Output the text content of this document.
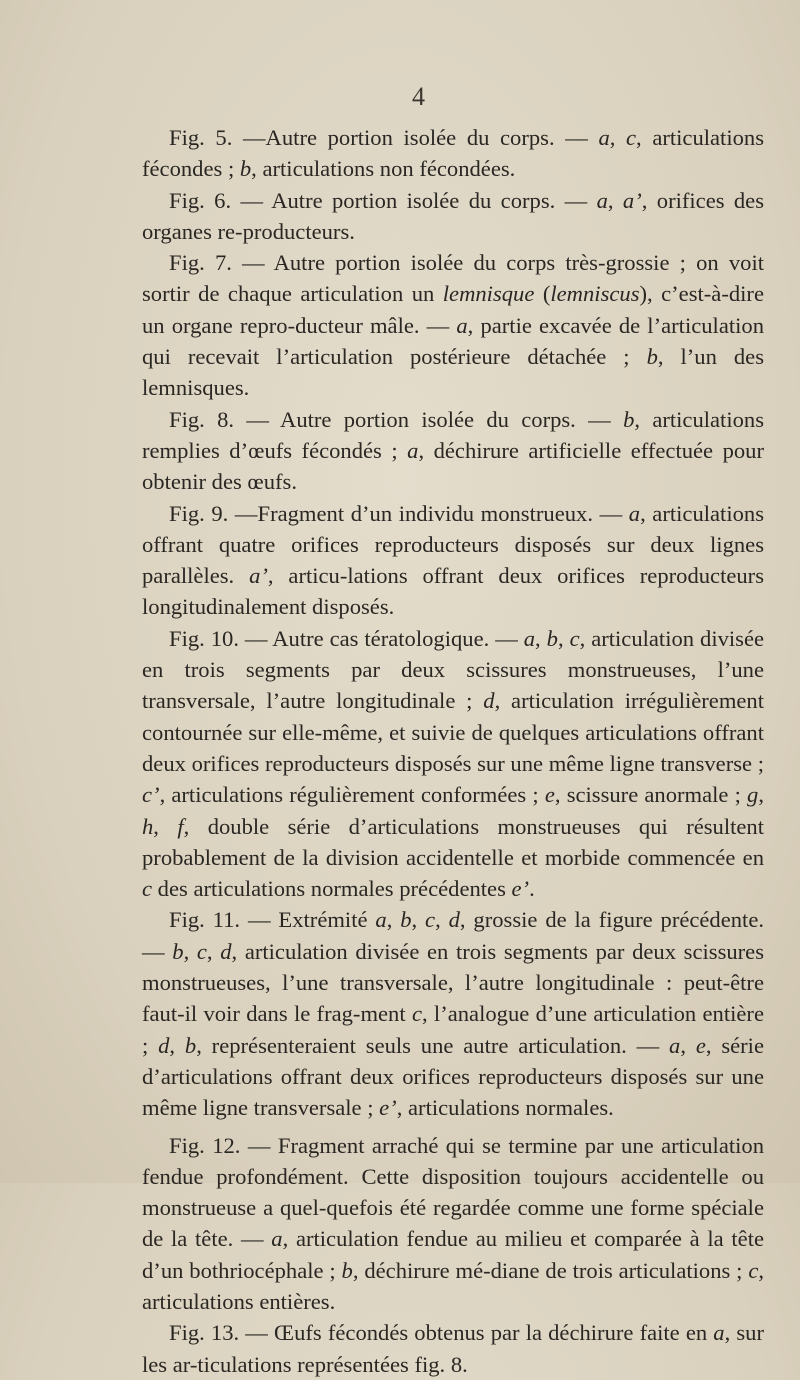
4

Fig. 5. —Autre portion isolée du corps. — a, c, articulations fécondes ; b, articulations non fécondées.

Fig. 6. — Autre portion isolée du corps. — a, a’, orifices des organes re-producteurs.

Fig. 7. — Autre portion isolée du corps très-grossie ; on voit sortir de chaque articulation un lemnisque (lemniscus), c’est-à-dire un organe repro-ducteur mâle. — a, partie excavée de l’articulation qui recevait l’articulation postérieure détachée ; b, l’un des lemnisques.

Fig. 8. — Autre portion isolée du corps. — b, articulations remplies d’œufs fécondés ; a, déchirure artificielle effectuée pour obtenir des œufs.

Fig. 9. —Fragment d’un individu monstrueux. — a, articulations offrant quatre orifices reproducteurs disposés sur deux lignes parallèles. a’, articu-lations offrant deux orifices reproducteurs longitudinalement disposés.

Fig. 10. — Autre cas tératologique. — a, b, c, articulation divisée en trois segments par deux scissures monstrueuses, l’une transversale, l’autre longitudinale ; d, articulation irrégulièrement contournée sur elle-même, et suivie de quelques articulations offrant deux orifices reproducteurs disposés sur une même ligne transverse ; c’, articulations régulièrement conformées ; e, scissure anormale ; g, h, f, double série d’articulations monstrueuses qui résultent probablement de la division accidentelle et morbide commencée en c des articulations normales précédentes e’.

Fig. 11. — Extrémité a, b, c, d, grossie de la figure précédente. — b, c, d, articulation divisée en trois segments par deux scissures monstrueuses, l’une transversale, l’autre longitudinale : peut-être faut-il voir dans le frag-ment c, l’analogue d’une articulation entière ; d, b, représenteraient seuls une autre articulation. — a, e, série d’articulations offrant deux orifices reproducteurs disposés sur une même ligne transversale ; e’, articulations normales.

Fig. 12. — Fragment arraché qui se termine par une articulation fendue profondément. Cette disposition toujours accidentelle ou monstrueuse a quel-quefois été regardée comme une forme spéciale de la tête. — a, articulation fendue au milieu et comparée à la tête d’un bothriocéphale ; b, déchirure mé-diane de trois articulations ; c, articulations entières.

Fig. 13. — Œufs fécondés obtenus par la déchirure faite en a, sur les ar-ticulations représentées fig. 8.
